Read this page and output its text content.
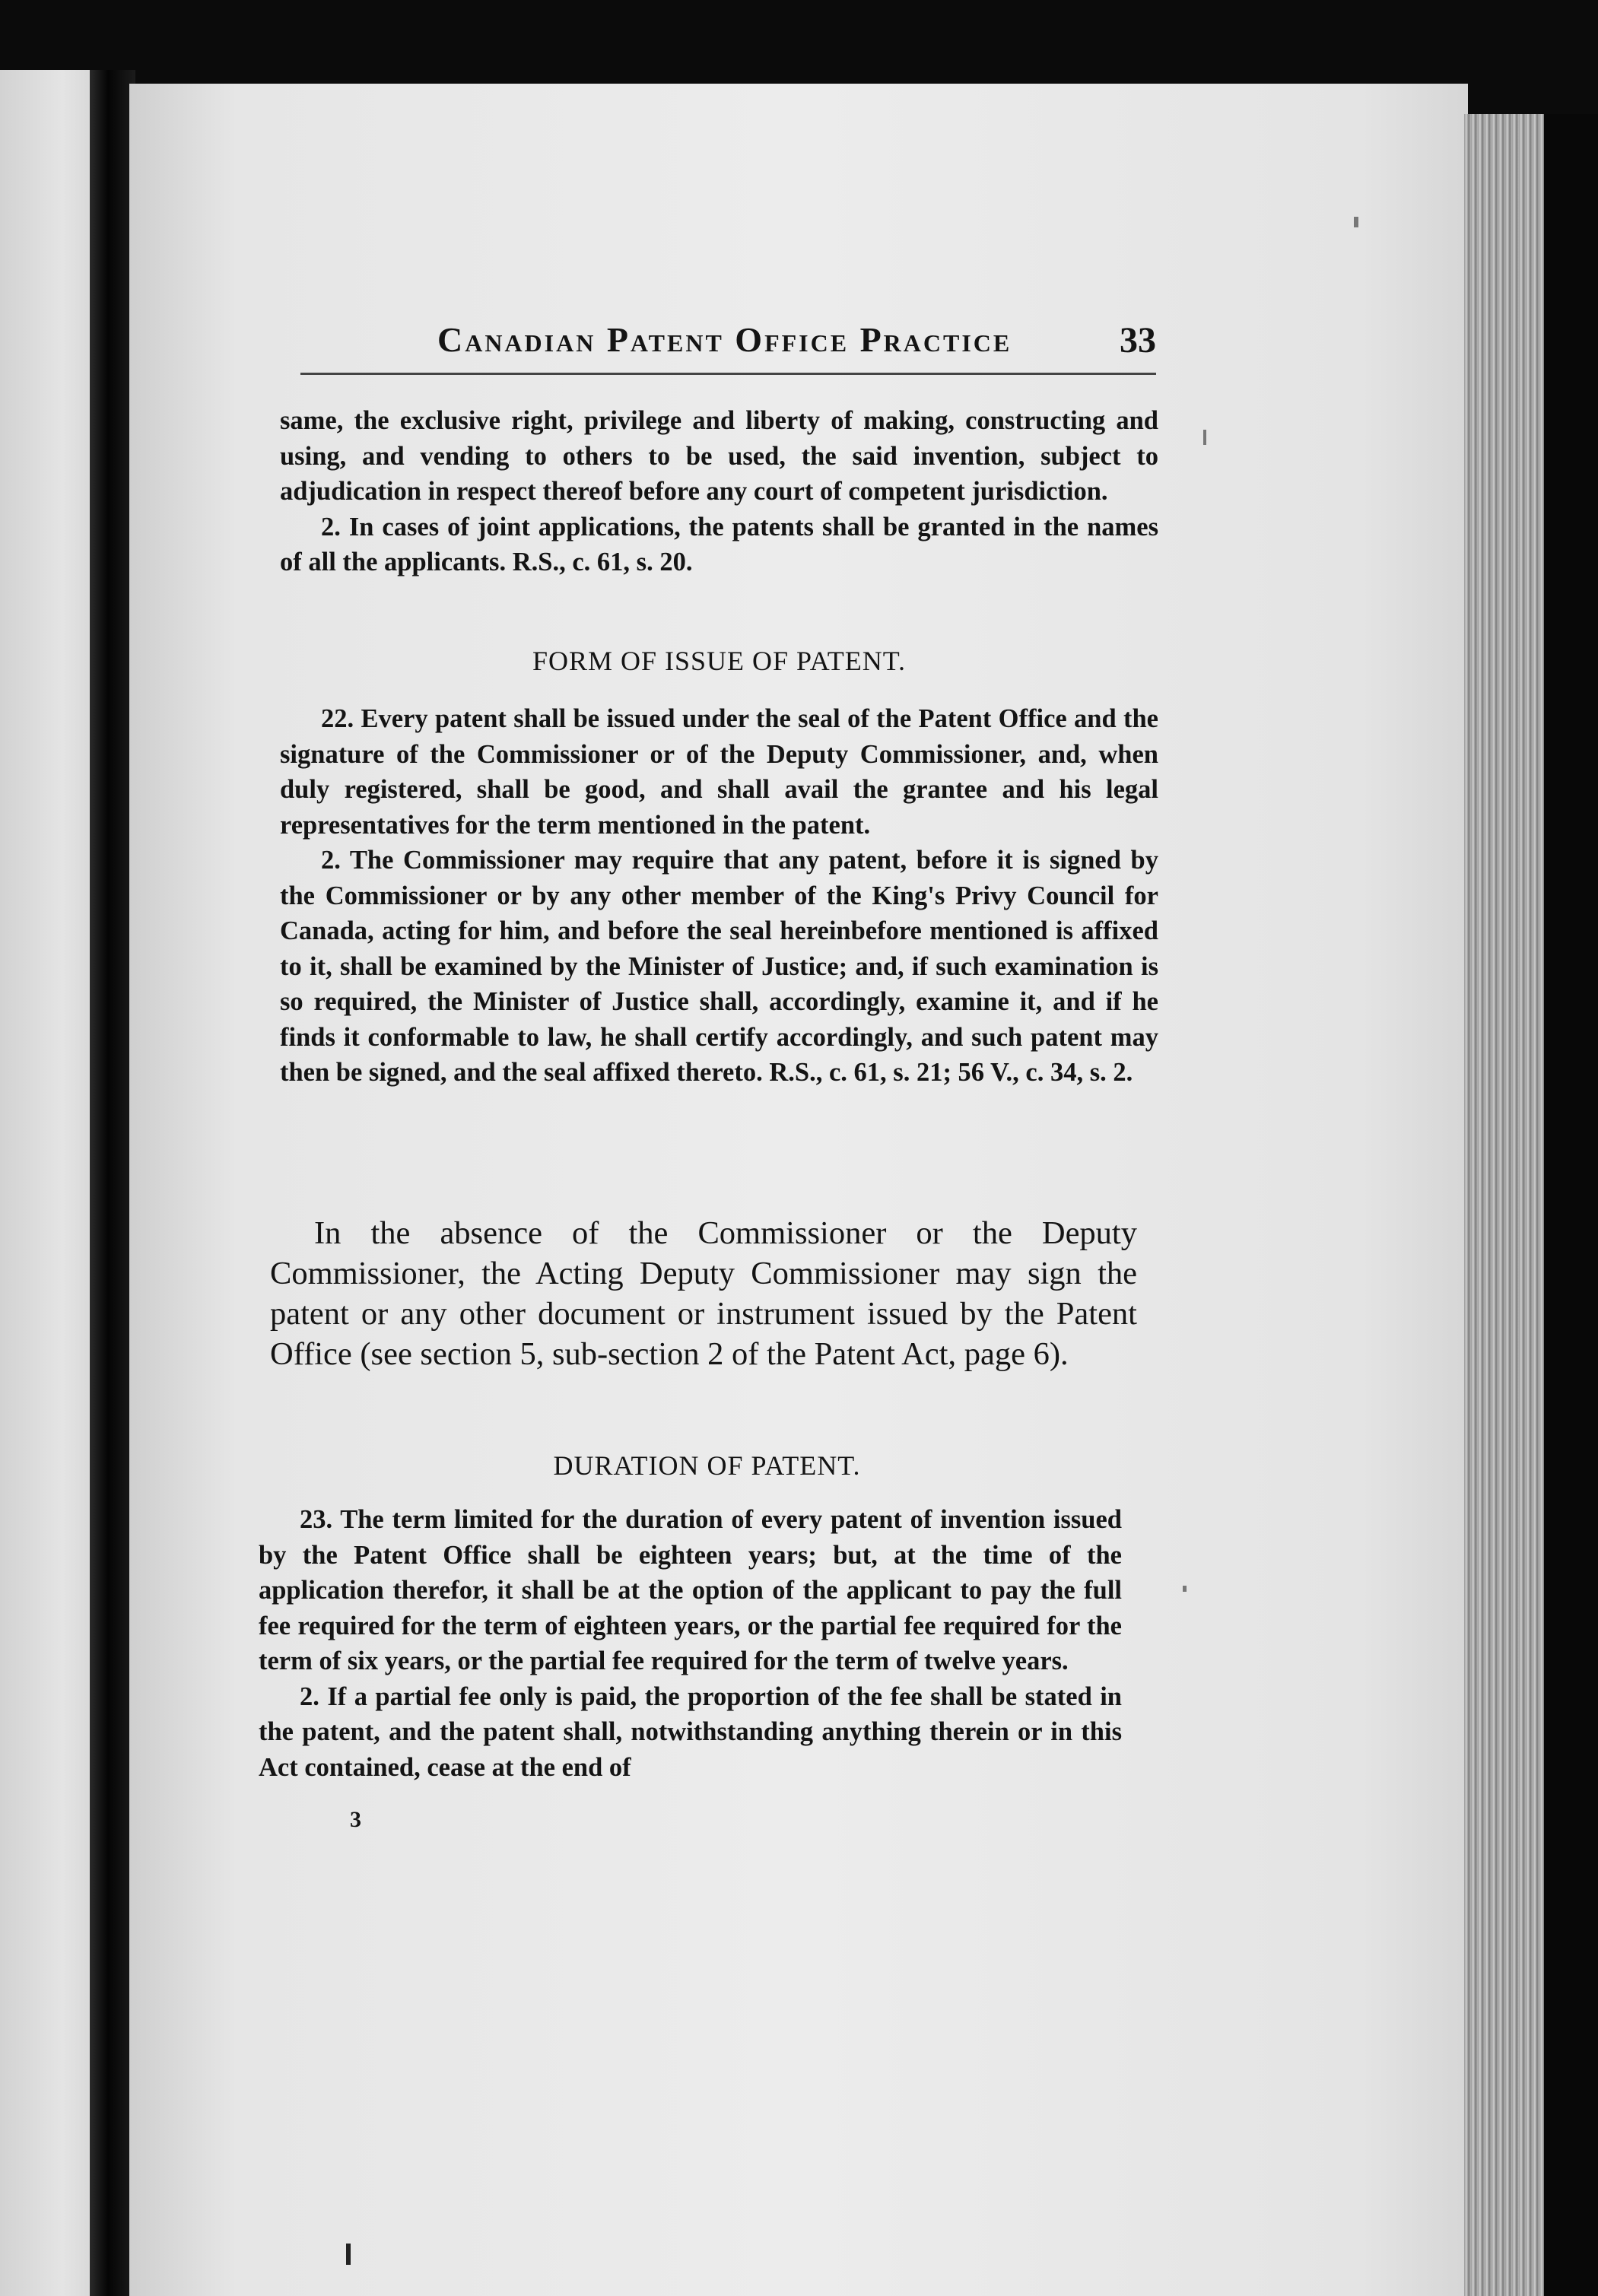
Canadian Patent Office Practice	33

same, the exclusive right, privilege and liberty of making, constructing and using, and vending to others to be used, the said invention, subject to adjudication in respect thereof before any court of competent jurisdiction.

2. In cases of joint applications, the patents shall be granted in the names of all the applicants. R.S., c. 61, s. 20.

FORM OF ISSUE OF PATENT.

22. Every patent shall be issued under the seal of the Patent Office and the signature of the Commissioner or of the Deputy Commissioner, and, when duly registered, shall be good, and shall avail the grantee and his legal representatives for the term mentioned in the patent.

2. The Commissioner may require that any patent, before it is signed by the Commissioner or by any other member of the King's Privy Council for Canada, acting for him, and before the seal hereinbefore mentioned is affixed to it, shall be examined by the Minister of Justice; and, if such examination is so required, the Minister of Justice shall, accordingly, examine it, and if he finds it conformable to law, he shall certify accordingly, and such patent may then be signed, and the seal affixed thereto. R.S., c. 61, s. 21; 56 V., c. 34, s. 2.

In the absence of the Commissioner or the Deputy Commissioner, the Acting Deputy Commissioner may sign the patent or any other document or instrument issued by the Patent Office (see section 5, sub-section 2 of the Patent Act, page 6).

DURATION OF PATENT.

23. The term limited for the duration of every patent of invention issued by the Patent Office shall be eighteen years; but, at the time of the application therefor, it shall be at the option of the applicant to pay the full fee required for the term of eighteen years, or the partial fee required for the term of six years, or the partial fee required for the term of twelve years.

2. If a partial fee only is paid, the proportion of the fee shall be stated in the patent, and the patent shall, notwithstanding anything therein or in this Act contained, cease at the end of

3
